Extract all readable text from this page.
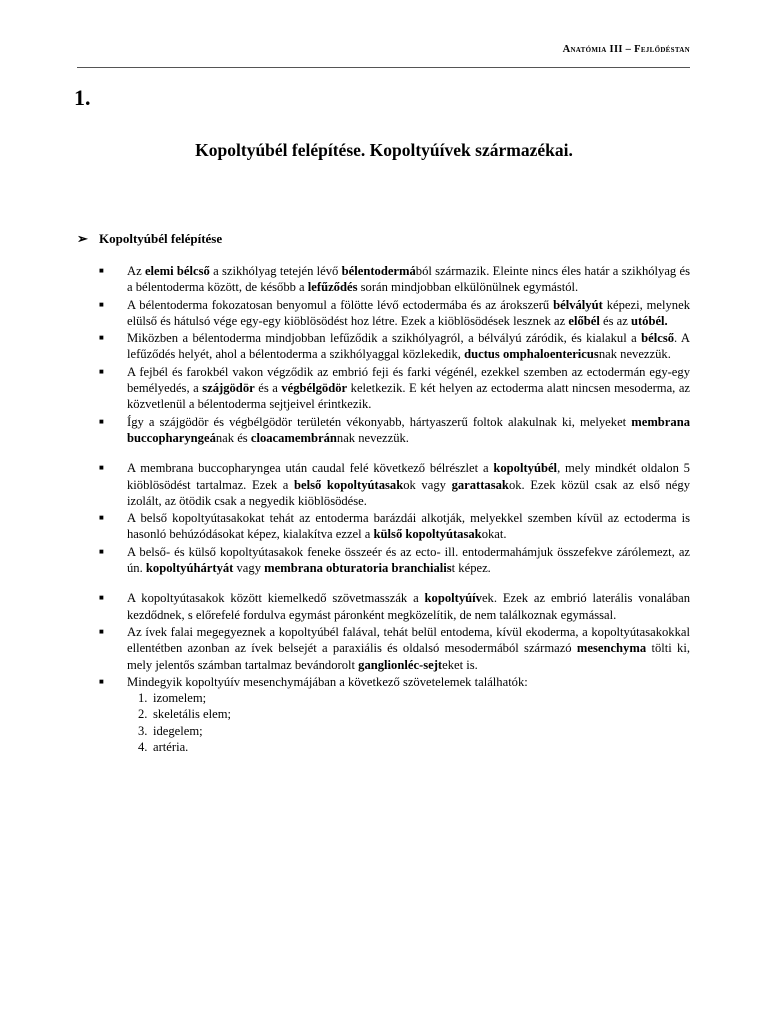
Anatómia III – Fejlődéstan
1.
Kopoltyúbél felépítése. Kopoltyúívek származékai.
➢ Kopoltyúbél felépítése
■ Az elemi bélcső a szikhólyag tetején lévő bélentodermából származik. Eleinte nincs éles határ a szikhólyag és a bélentoderma között, de később a lefűződés során mindjobban elkülönülnek egymástól.
■ A bélentoderma fokozatosan benyomul a fölötte lévő ectodermába és az árokszerű bélvályút képezi, melynek elülső és hátulsó vége egy-egy kiöblösödést hoz létre. Ezek a kiöblösödések lesznek az előbél és az utóbél.
■ Miközben a bélentoderma mindjobban lefűződik a szikhólyagról, a bélvályú záródik, és kialakul a bélcső. A lefűződés helyét, ahol a bélentoderma a szikhólyaggal közlekedik, ductus omphaloentericusnak nevezzük.
■ A fejbél és farokbél vakon végződik az embrió feji és farki végénél, ezekkel szemben az ectodermán egy-egy bemélyedés, a szájgödör és a végbélgödör keletkezik. E két helyen az ectoderma alatt nincsen mesoderma, az közvetlenül a bélentoderma sejtjeivel érintkezik.
■ Így a szájgödör és végbélgödör területén vékonyabb, hártyaszerű foltok alakulnak ki, melyeket membrana buccopharyngeának és cloacamembránnak nevezzük.
■ A membrana buccopharyngea után caudal felé következő bélrészlet a kopoltyúbél, mely mindkét oldalon 5 kiöblösödést tartalmaz. Ezek a belső kopoltyútasakok vagy garattasakok. Ezek közül csak az első négy izolált, az ötödik csak a negyedik kiöblösödése.
■ A belső kopoltyútasakokat tehát az entoderma barázdái alkotják, melyekkel szemben kívül az ectoderma is hasonló behúzódásokat képez, kialakítva ezzel a külső kopoltyútasakokat.
■ A belső- és külső kopoltyútasakok feneke összeér és az ecto- ill. entodermahámjuk összefekve zárólemezt, az ún. kopoltyúhártyát vagy membrana obturatoria branchialist képez.
■ A kopoltyútasakok között kiemelkedő szövetmasszák a kopoltyúívek. Ezek az embrió laterális vonalában kezdődnek, s előrefelé fordulva egymást páronként megközelítik, de nem találkoznak egymással.
■ Az ívek falai megegyeznek a kopoltyúbél falával, tehát belül entodema, kívül ekoderma, a kopoltyútasakokkal ellentétben azonban az ívek belsejét a paraxiális és oldalsó mesodermából származó mesenchyma tölti ki, mely jelentős számban tartalmaz bevándorolt ganglionléc-sejteket is.
■ Mindegyik kopoltyúív mesenchymájában a következő szövetelemek találhatók:
1. izomelem;
2. skeletális elem;
3. idegelem;
4. artéria.
